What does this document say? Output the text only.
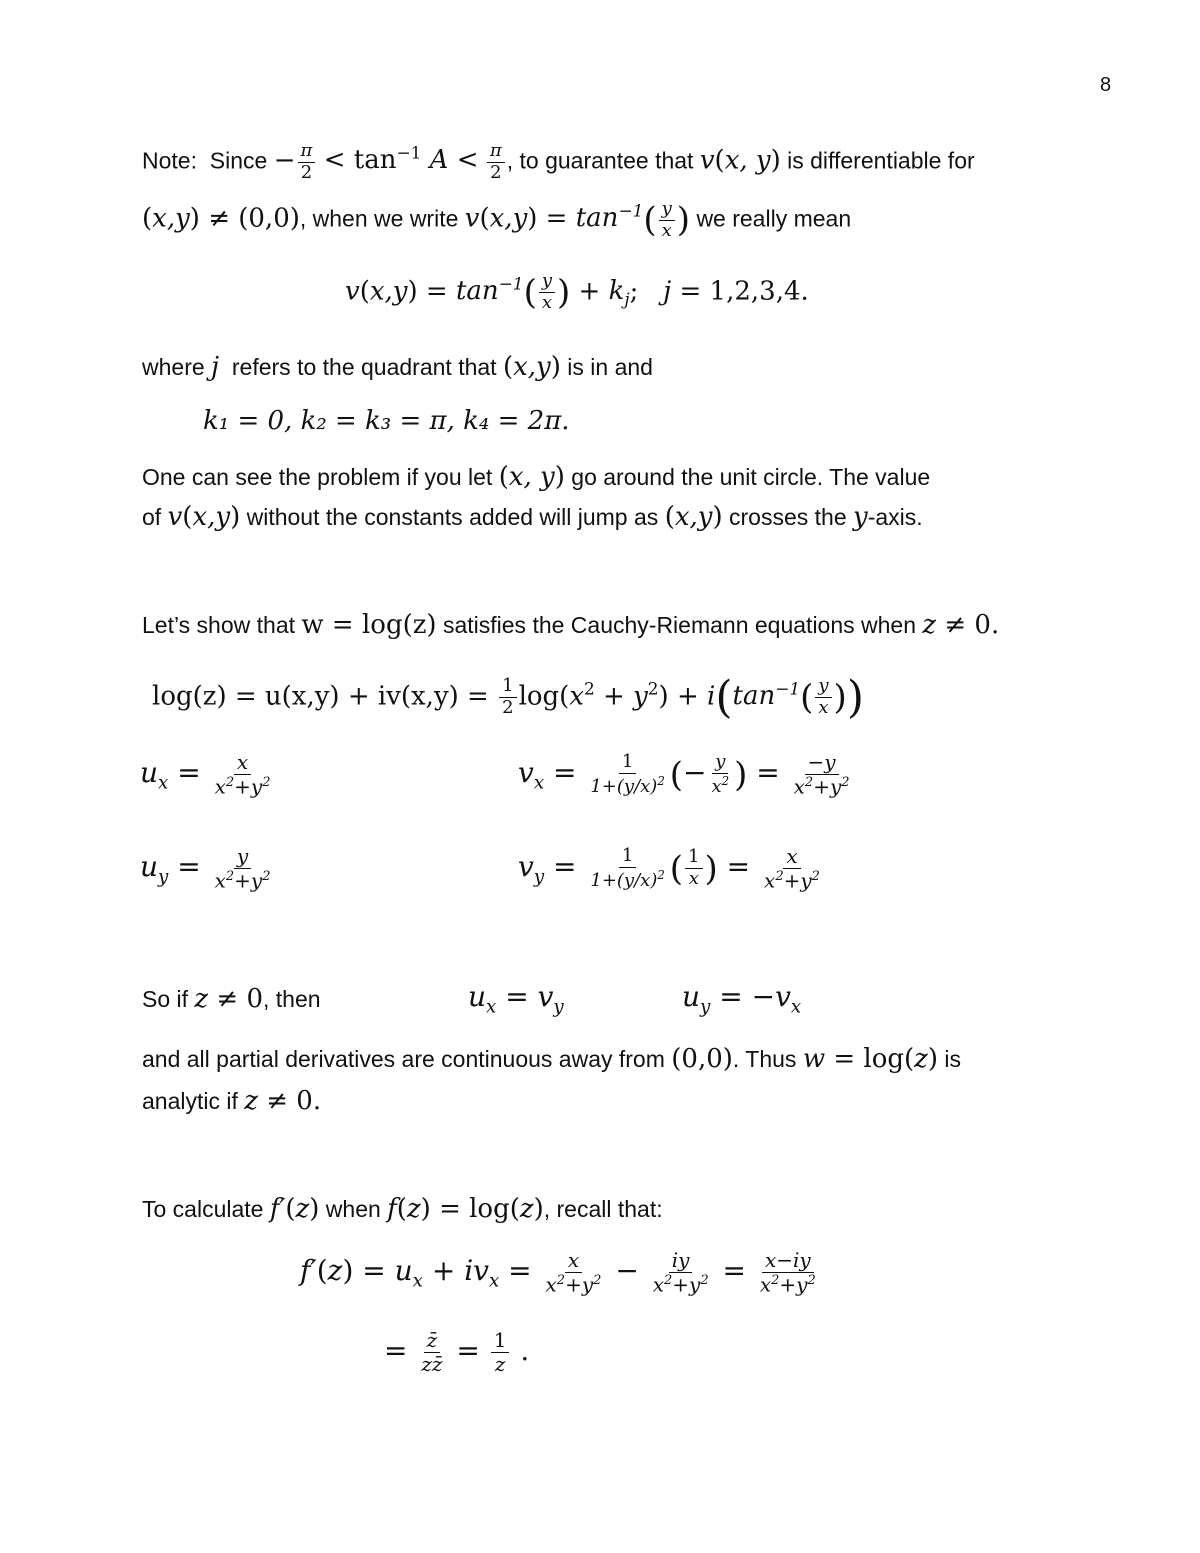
8
Note: Since − $\frac{\pi}{2} < \tan^{-1} A < \frac{\pi}{2}$ , to guarantee that v(x, y) is differentiable for
(x,y) ≠ (0,0), when we write $v(x,y) = \tan^{-1}( \frac{y}{x}$ ) we really mean
$v(x,y) = \tan^{-1}( \frac{y}{x}$ ) + $k_j$;   j = 1,2,3,4.
where j refers to the quadrant that (x,y) is in and
k₁ = 0, k₂ = k₃ = π, k₄ = 2π.
One can see the problem if you let (x, y) go around the unit circle. The value
of v(x,y) without the constants added will jump as (x,y) crosses the y-axis.
Let’s show that w = log(z) satisfies the Cauchy-Riemann equations when z ≠ 0.
$\log(z) = u(x,y) + iv(x,y) = \frac{1}{2} \log(x^2 + y^2) + i(\tan^{-1}( \frac{y}{x}$ ))
$u_x = \frac{x}{x^2+y^2}$	$v_x = \frac{1}{1+(y/x)^2}$ (− $\frac{y}{x^2}$ ) = $\frac{-y}{x^2+y^2}$
$u_y = \frac{y}{x^2+y^2}$	$v_y = \frac{1}{1+(y/x)^2}$ ( $\frac{1}{x}$ ) = $\frac{x}{x^2+y^2}$
So if z ≠ 0, then	$u_x = v_y$	$u_y = -v_x$
and all partial derivatives are continuous away from (0,0). Thus w = log(z) is
analytic if z ≠ 0.
To calculate f′(z) when f(z) = log(z), recall that:
$f'(z) = u_x + iv_x = \frac{x}{x^2+y^2} - \frac{iy}{x^2+y^2} = \frac{x-iy}{x^2+y^2}$
= $\frac{z̄}{zz̄} = \frac{1}{z}$ .
